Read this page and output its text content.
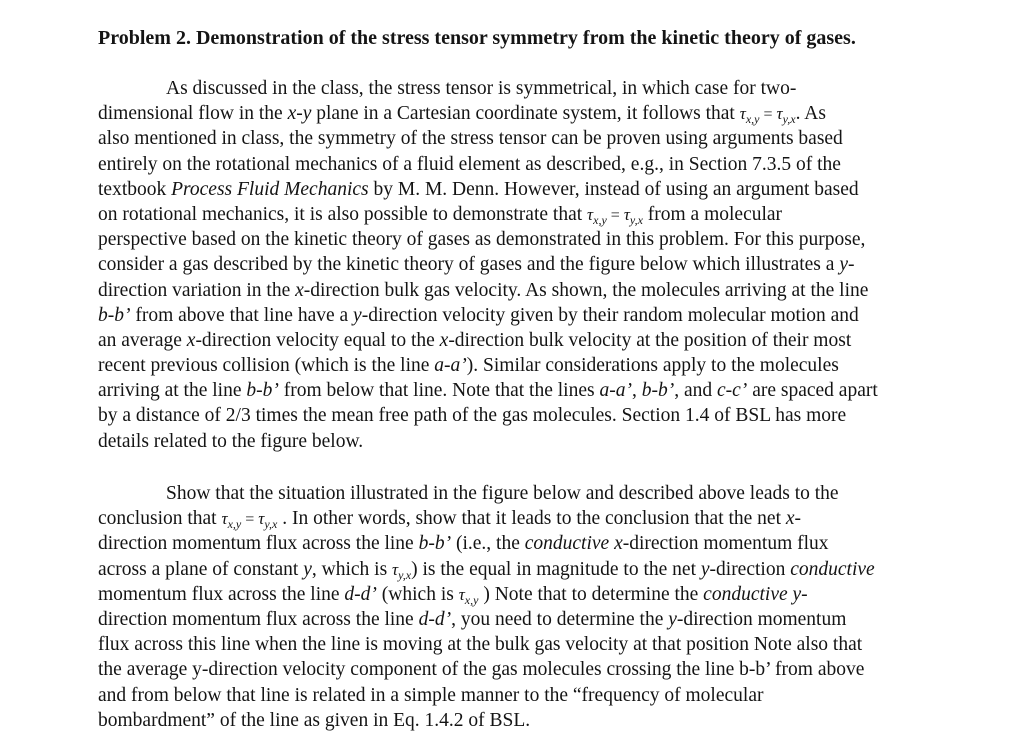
Problem 2. Demonstration of the stress tensor symmetry from the kinetic theory of gases.
As discussed in the class, the stress tensor is symmetrical, in which case for two-
dimensional flow in the x-y plane in a Cartesian coordinate system, it follows that $\tau_{x,y} = \tau_{y,x}$. As
also mentioned in class, the symmetry of the stress tensor can be proven using arguments based
entirely on the rotational mechanics of a fluid element as described, e.g., in Section 7.3.5 of the
textbook Process Fluid Mechanics by M. M. Denn. However, instead of using an argument based
on rotational mechanics, it is also possible to demonstrate that $\tau_{x,y} = \tau_{y,x}$ from a molecular
perspective based on the kinetic theory of gases as demonstrated in this problem. For this purpose,
consider a gas described by the kinetic theory of gases and the figure below which illustrates a y-
direction variation in the x-direction bulk gas velocity. As shown, the molecules arriving at the line
b-b’ from above that line have a y-direction velocity given by their random molecular motion and
an average x-direction velocity equal to the x-direction bulk velocity at the position of their most
recent previous collision (which is the line a-a’). Similar considerations apply to the molecules
arriving at the line b-b’ from below that line. Note that the lines a-a’, b-b’, and c-c’ are spaced apart
by a distance of 2/3 times the mean free path of the gas molecules. Section 1.4 of BSL has more
details related to the figure below.
Show that the situation illustrated in the figure below and described above leads to the
conclusion that $\tau_{x,y} = \tau_{y,x}$ . In other words, show that it leads to the conclusion that the net x-
direction momentum flux across the line b-b’ (i.e., the conductive x-direction momentum flux
across a plane of constant y, which is $\tau_{y,x}$) is the equal in magnitude to the net y-direction conductive
momentum flux across the line d-d’ (which is $\tau_{x,y}$ ) Note that to determine the conductive y-
direction momentum flux across the line d-d’, you need to determine the y-direction momentum
flux across this line when the line is moving at the bulk gas velocity at that position Note also that
the average y-direction velocity component of the gas molecules crossing the line b-b’ from above
and from below that line is related in a simple manner to the “frequency of molecular
bombardment” of the line as given in Eq. 1.4.2 of BSL.
